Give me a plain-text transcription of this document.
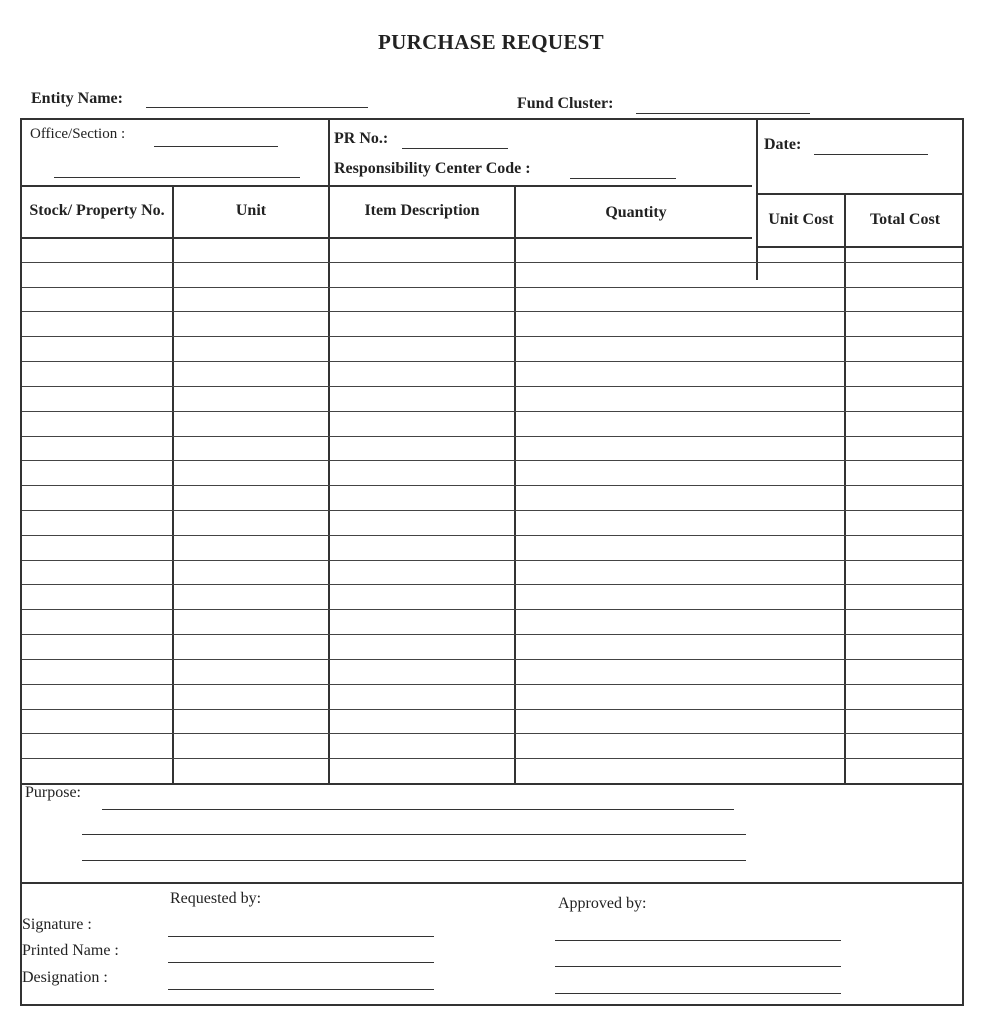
PURCHASE REQUEST
Entity Name:	Fund Cluster:
Office/Section :	PR No.:
Responsibility Center Code :
Date:
Stock/ Property No.	Unit	Item Description	Quantity	Unit Cost	Total Cost
Purpose:
Requested by:	Approved by:
Signature :
Printed Name :
Designation :
